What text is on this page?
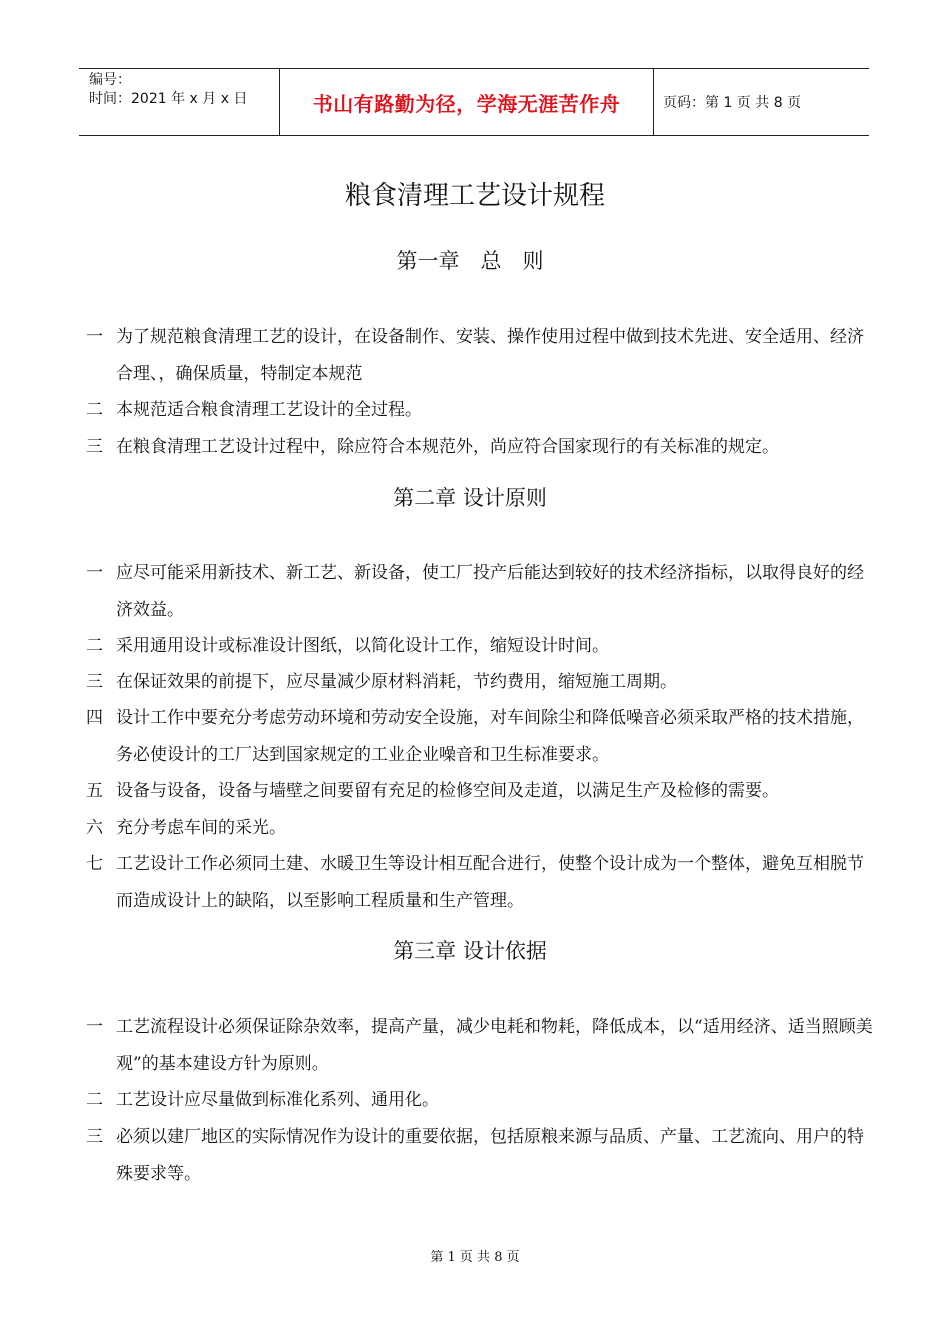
编号：
时间：2021 年 x 月 x 日	书山有路勤为径，学海无涯苦作舟	页码：第 1 页 共 8 页
粮食清理工艺设计规程
第一章　总　则
一 为了规范粮食清理工艺的设计，在设备制作、安装、操作使用过程中做到技术先进、安全适用、经济合理、，确保质量，特制定本规范
二 本规范适合粮食清理工艺设计的全过程。
三 在粮食清理工艺设计过程中，除应符合本规范外，尚应符合国家现行的有关标准的规定。
第二章 设计原则
一 应尽可能采用新技术、新工艺、新设备，使工厂投产后能达到较好的技术经济指标，以取得良好的经济效益。
二 采用通用设计或标准设计图纸，以简化设计工作，缩短设计时间。
三 在保证效果的前提下，应尽量减少原材料消耗，节约费用，缩短施工周期。
四 设计工作中要充分考虑劳动环境和劳动安全设施，对车间除尘和降低噪音必须采取严格的技术措施，务必使设计的工厂达到国家规定的工业企业噪音和卫生标准要求。
五 设备与设备，设备与墙壁之间要留有充足的检修空间及走道，以满足生产及检修的需要。
六 充分考虑车间的采光。
七 工艺设计工作必须同土建、水暖卫生等设计相互配合进行，使整个设计成为一个整体，避免互相脱节而造成设计上的缺陷，以至影响工程质量和生产管理。
第三章 设计依据
一 工艺流程设计必须保证除杂效率，提高产量，减少电耗和物耗，降低成本，以“适用经济、适当照顾美观”的基本建设方针为原则。
二 工艺设计应尽量做到标准化系列、通用化。
三 必须以建厂地区的实际情况作为设计的重要依据，包括原粮来源与品质、产量、工艺流向、用户的特殊要求等。
第 1 页 共 8 页
